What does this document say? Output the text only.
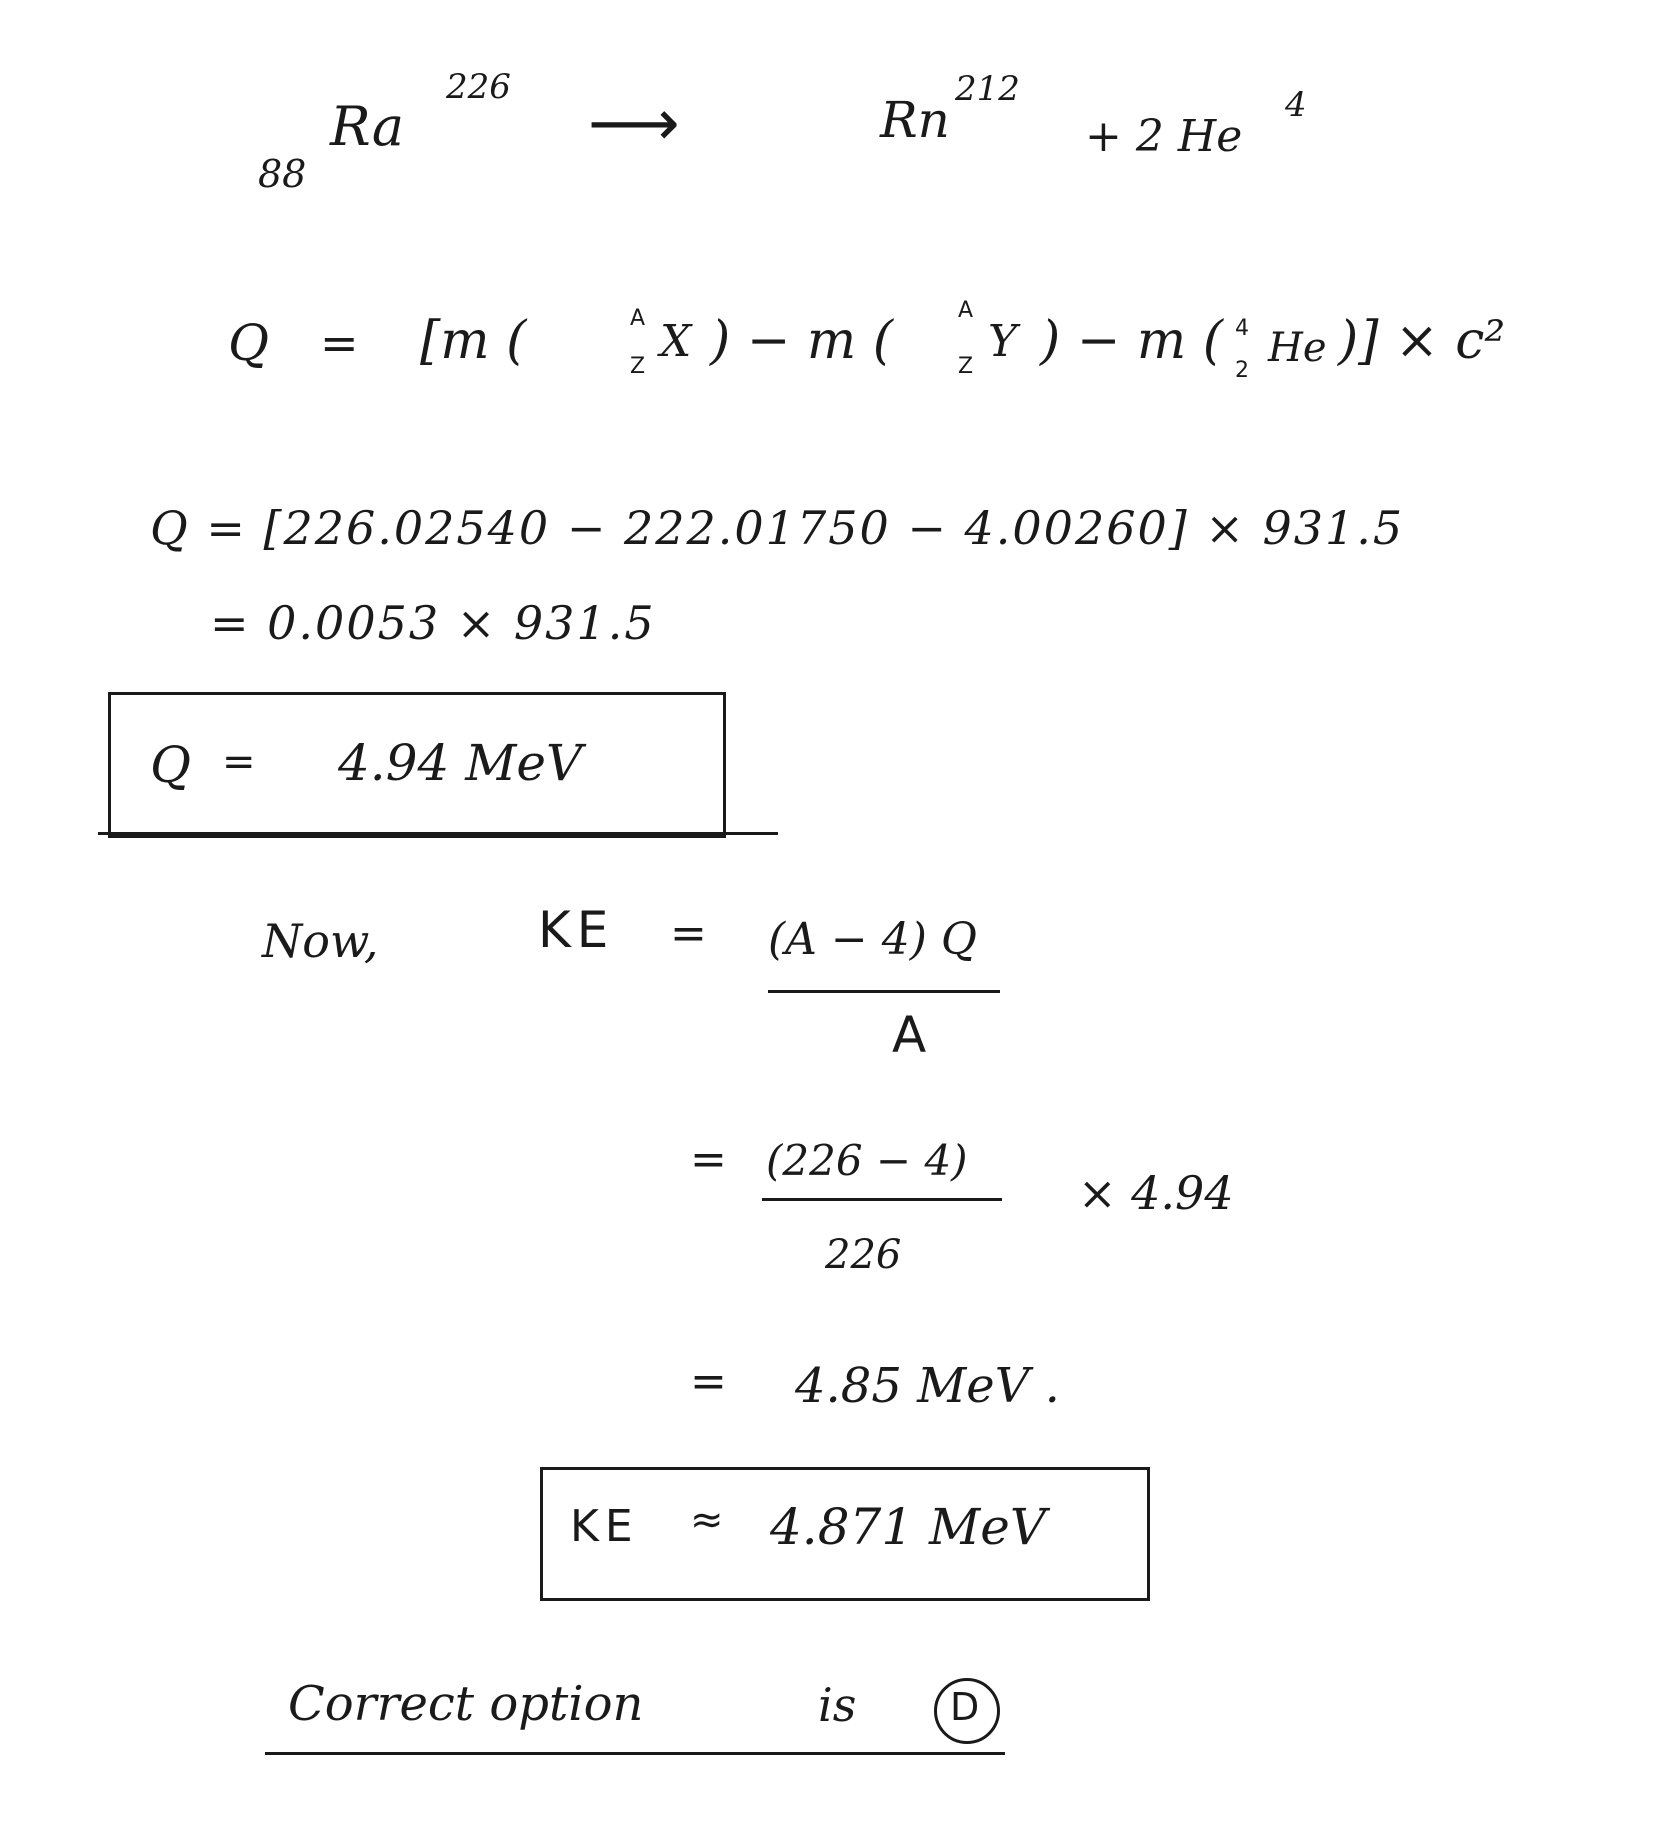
226
88
Ra	⟶	Rn
212
+ 2 He
4
Q = [m (	A
Z X ) − m (
A
Z Y ) − m ( 4
2 He )] × c²
Q = [226.02540 − 222.01750 − 4.00260] × 931.5
= 0.0053 × 931.5
Q = 4.94 MeV
Now,	KE = (A − 4) Q
A
= (226 − 4)
× 4.94
226
= 4.85 MeV .
KE ≈ 4.871 MeV
Correct option	is D
